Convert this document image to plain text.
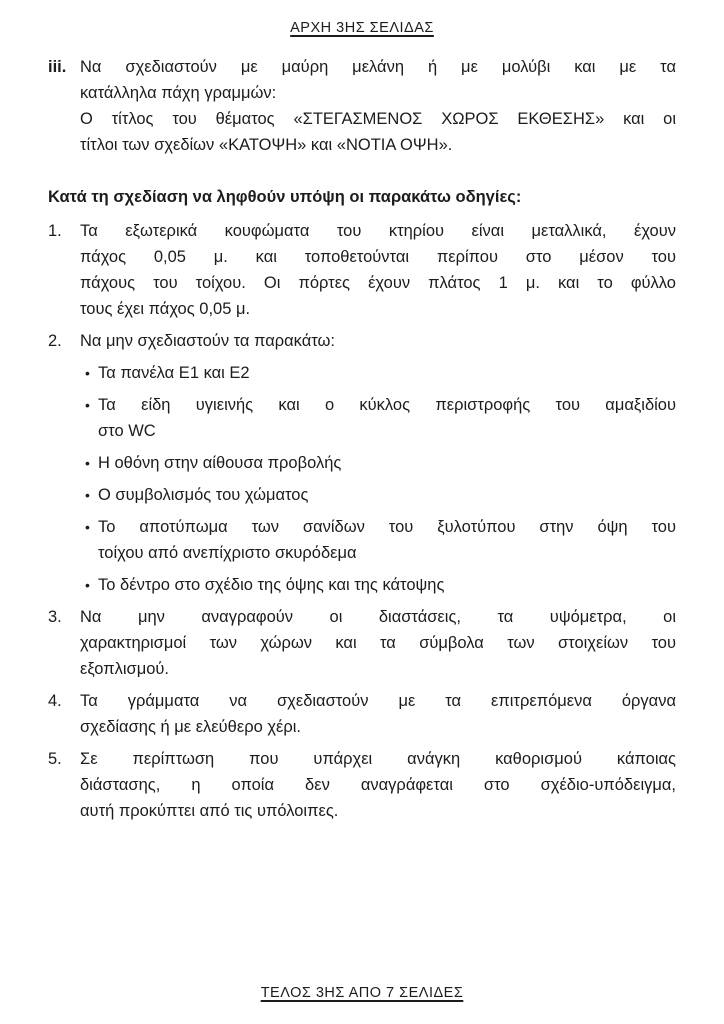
ΑΡΧΗ 3ΗΣ ΣΕΛΙΔΑΣ
iii. Να σχεδιαστούν με μαύρη μελάνη ή με μολύβι και με τα
κατάλληλα πάχη γραμμών:
Ο τίτλος του θέματος «ΣΤΕΓΑΣΜΕΝΟΣ ΧΩΡΟΣ ΕΚΘΕΣΗΣ» και οι
τίτλοι των σχεδίων «ΚΑΤΟΨΗ» και «ΝΟΤΙΑ ΟΨΗ».
Κατά τη σχεδίαση να ληφθούν υπόψη οι παρακάτω οδηγίες:
1.	Τα εξωτερικά κουφώματα του κτηρίου είναι μεταλλικά, έχουν
πάχος 0,05 μ. και τοποθετούνται περίπου στο μέσον του
πάχους του τοίχου. Οι πόρτες έχουν πλάτος 1 μ. και το φύλλο
τους έχει πάχος 0,05 μ.
2.	Να μην σχεδιαστούν τα παρακάτω:
• Τα πανέλα Ε1 και Ε2
• Τα είδη υγιεινής και ο κύκλος περιστροφής του αμαξιδίου
στο WC
• Η οθόνη στην αίθουσα προβολής
• Ο συμβολισμός του χώματος
• Το αποτύπωμα των σανίδων του ξυλοτύπου στην όψη του
τοίχου από ανεπίχριστο σκυρόδεμα
• Το δέντρο στο σχέδιο της όψης και της κάτοψης
3.	Να μην αναγραφούν οι διαστάσεις, τα υψόμετρα, οι
χαρακτηρισμοί των χώρων και τα σύμβολα των στοιχείων του
εξοπλισμού.
4.	Τα γράμματα να σχεδιαστούν με τα επιτρεπόμενα όργανα
σχεδίασης ή με ελεύθερο χέρι.
5.	Σε περίπτωση που υπάρχει ανάγκη καθορισμού κάποιας
διάστασης, η οποία δεν αναγράφεται στο σχέδιο-υπόδειγμα,
αυτή προκύπτει από τις υπόλοιπες.
ΤΕΛΟΣ 3ΗΣ ΑΠΟ 7 ΣΕΛΙΔΕΣ
